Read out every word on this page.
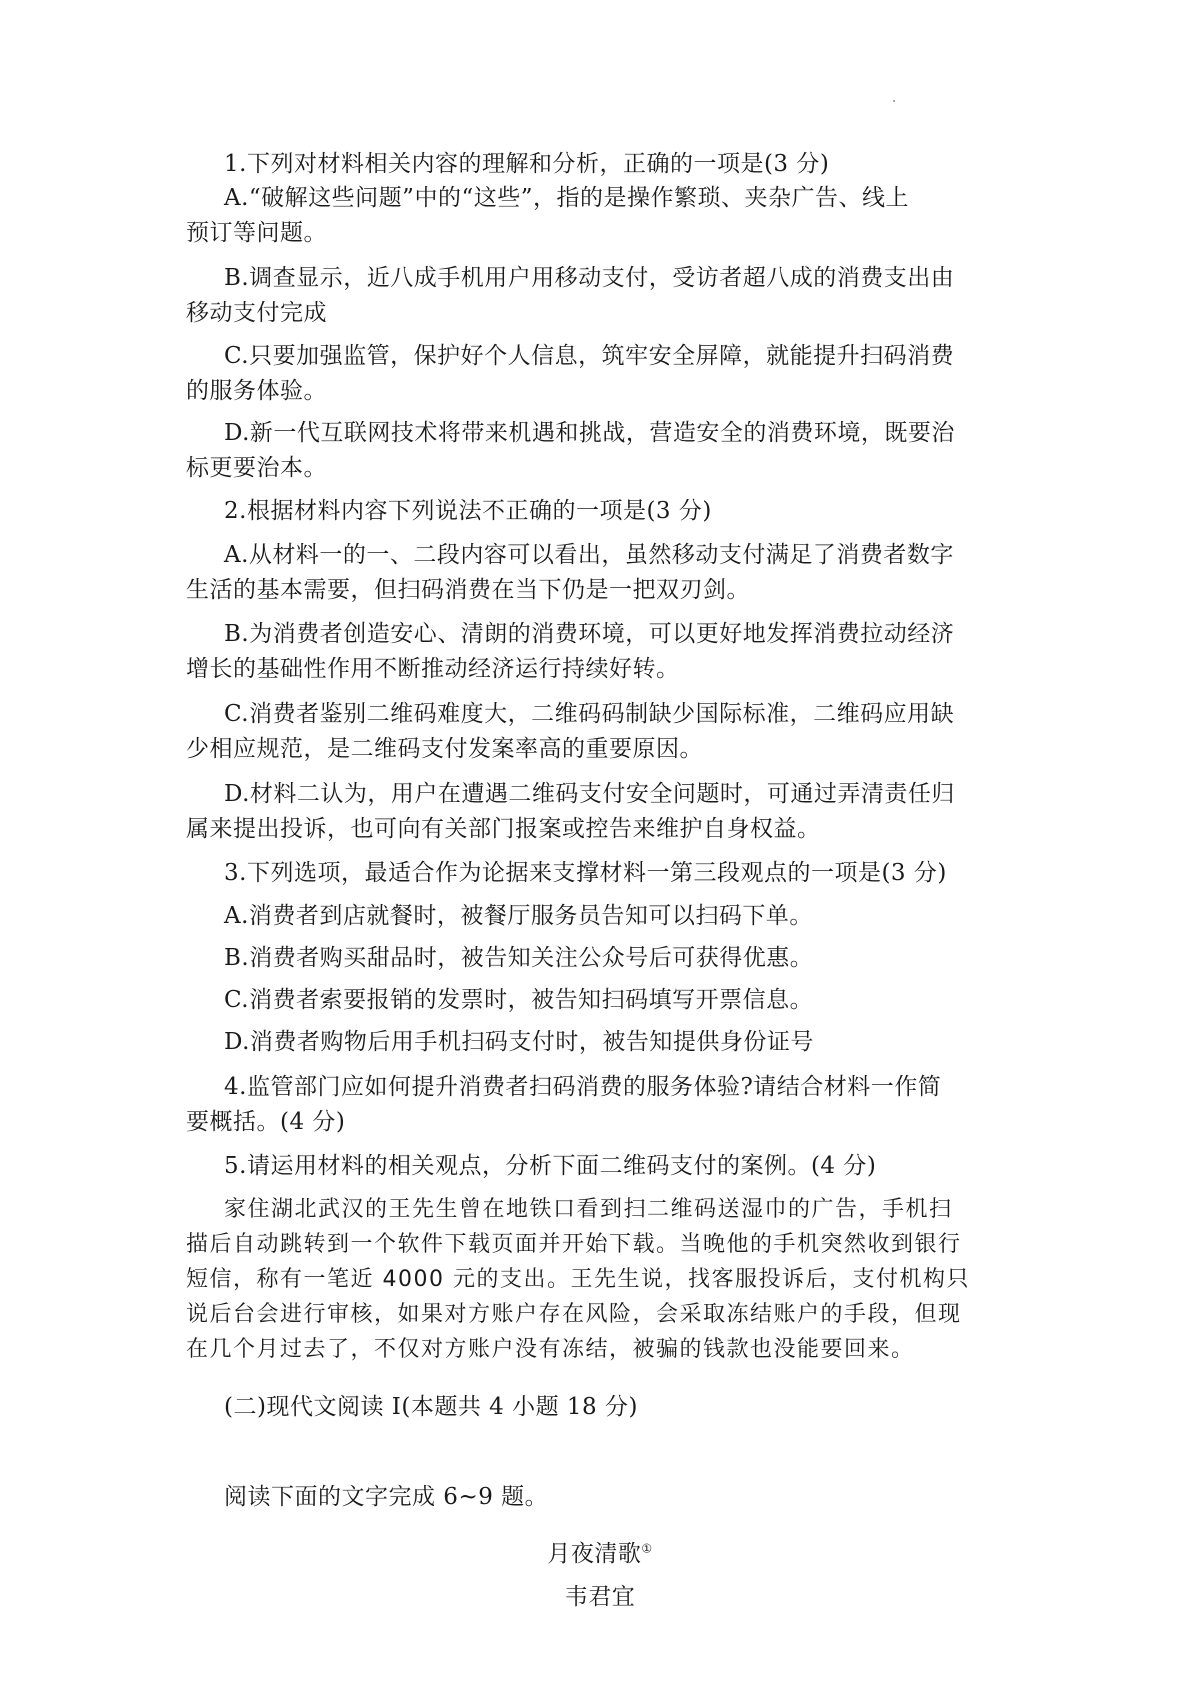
1.下列对材料相关内容的理解和分析，正确的一项是(3 分)
A.“破解这些问题”中的“这些”，指的是操作繁琐、夹杂广告、线上
预订等问题。
B.调查显示，近八成手机用户用移动支付，受访者超八成的消费支出由
移动支付完成
C.只要加强监管，保护好个人信息，筑牢安全屏障，就能提升扫码消费
的服务体验。
D.新一代互联网技术将带来机遇和挑战，营造安全的消费环境，既要治
标更要治本。
2.根据材料内容下列说法不正确的一项是(3 分)
A.从材料一的一、二段内容可以看出，虽然移动支付满足了消费者数字
生活的基本需要，但扫码消费在当下仍是一把双刃剑。
B.为消费者创造安心、清朗的消费环境，可以更好地发挥消费拉动经济
增长的基础性作用不断推动经济运行持续好转。
C.消费者鉴别二维码难度大，二维码码制缺少国际标准，二维码应用缺
少相应规范，是二维码支付发案率高的重要原因。
D.材料二认为，用户在遭遇二维码支付安全问题时，可通过弄清责任归
属来提出投诉，也可向有关部门报案或控告来维护自身权益。
3.下列选项，最适合作为论据来支撑材料一第三段观点的一项是(3 分)
A.消费者到店就餐时，被餐厅服务员告知可以扫码下单。
B.消费者购买甜品时，被告知关注公众号后可获得优惠。
C.消费者索要报销的发票时，被告知扫码填写开票信息。
D.消费者购物后用手机扫码支付时，被告知提供身份证号
4.监管部门应如何提升消费者扫码消费的服务体验?请结合材料一作简
要概括。(4 分)
5.请运用材料的相关观点，分析下面二维码支付的案例。(4 分)
家住湖北武汉的王先生曾在地铁口看到扫二维码送湿巾的广告，手机扫
描后自动跳转到一个软件下载页面并开始下载。当晚他的手机突然收到银行
短信，称有一笔近 4000 元的支出。王先生说，找客服投诉后，支付机构只
说后台会进行审核，如果对方账户存在风险，会采取冻结账户的手段，但现
在几个月过去了，不仅对方账户没有冻结，被骗的钱款也没能要回来。
(二)现代文阅读 I(本题共 4 小题 18 分)
阅读下面的文字完成 6~9 题。
月夜清歌①
韦君宜
